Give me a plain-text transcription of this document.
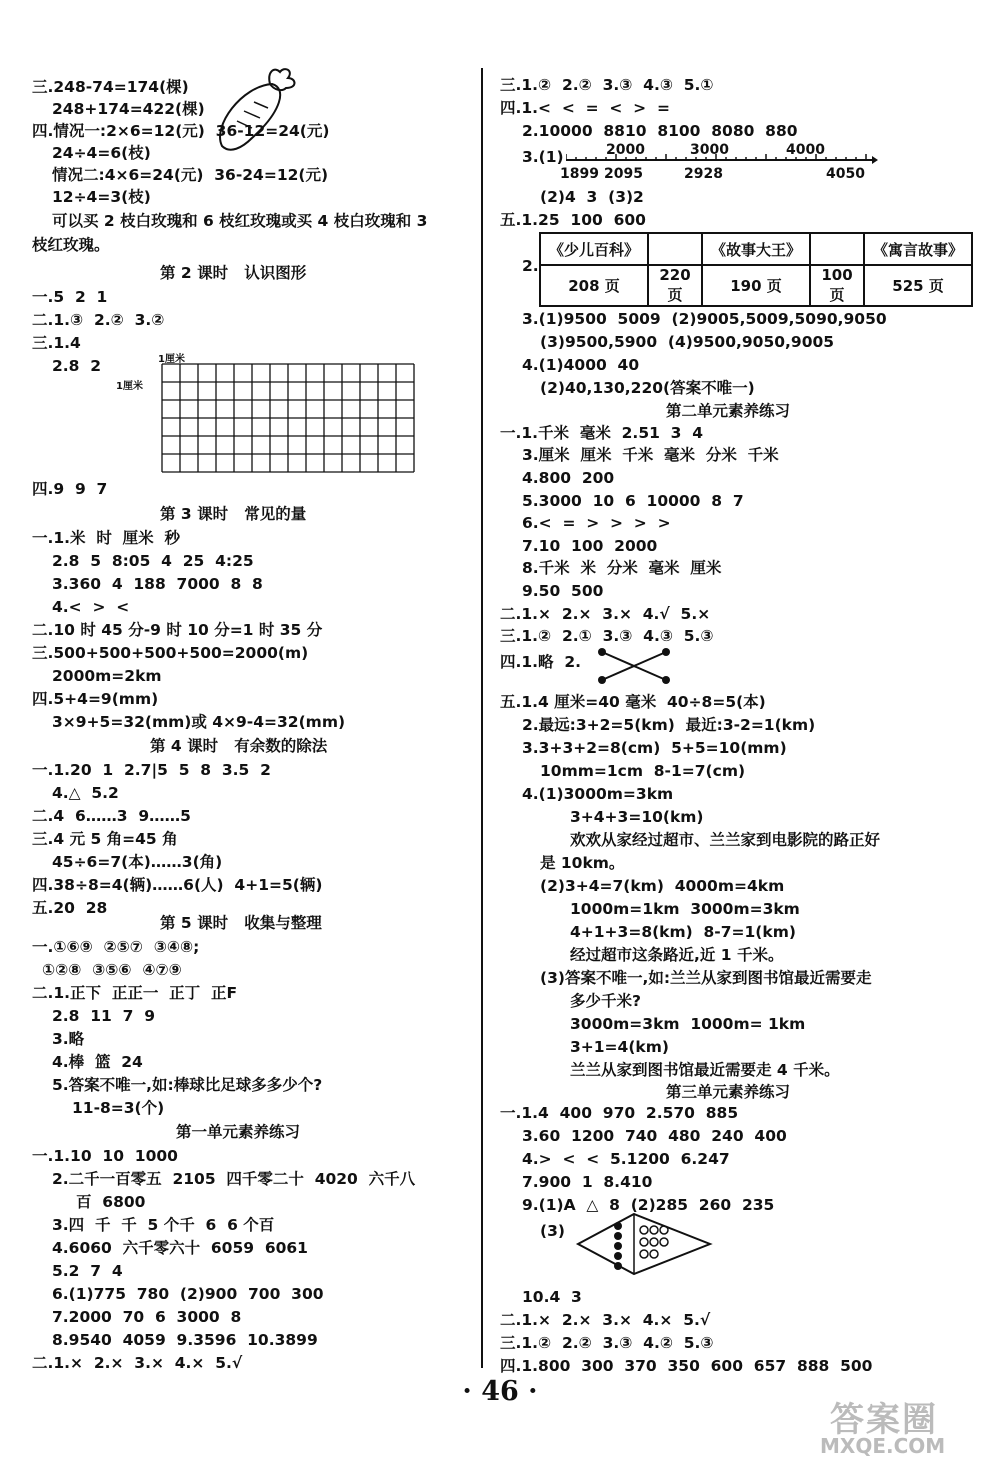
三.248-74=174(棵)
248+174=422(棵)
四.情况一:2×6=12(元)  36-12=24(元)
24÷4=6(枝)
情况二:4×6=24(元)  36-24=12(元)
12÷4=3(枝)
可以买 2 枝白玫瑰和 6 枝红玫瑰或买 4 枝白玫瑰和 3
枝红玫瑰。
第 2 课时   认识图形
一.5  2  1
二.1.③  2.②  3.②
三.1.4
2.8  2	1厘米
1厘米
四.9  9  7
第 3 课时   常见的量
一.1.米  时  厘米  秒
2.8  5  8:05  4  25  4:25
3.360  4  188  7000  8  8
4.<  >  <
二.10 时 45 分-9 时 10 分=1 时 35 分
三.500+500+500+500=2000(m)
2000m=2km
四.5+4=9(mm)
3×9+5=32(mm)或 4×9-4=32(mm)
第 4 课时   有余数的除法
一.1.20  1  2.7|5  5  8  3.5  2
4.△  5.2
二.4  6……3  9……5
三.4 元 5 角=45 角
45÷6=7(本)……3(角)
四.38÷8=4(辆)……6(人)  4+1=5(辆)
五.20  28
第 5 课时   收集与整理
一.①⑥⑨  ②⑤⑦  ③④⑧;
①②⑧  ③⑤⑥  ④⑦⑨
二.1.正下  正正一  正丁  正F
2.8  11  7  9
3.略
4.棒  篮  24
5.答案不唯一,如:棒球比足球多多少个?
11-8=3(个)
第一单元素养练习
一.1.10  10  1000
2.二千一百零五  2105  四千零二十  4020  六千八
百  6800
3.四  千  千  5 个千  6  6 个百
4.6060  六千零六十  6059  6061
5.2  7  4
6.(1)775  780  (2)900  700  300
7.2000  70  6  3000  8
8.9540  4059  9.3596  10.3899
二.1.×  2.×  3.×  4.×  5.√
三.1.②  2.②  3.③  4.③  5.①
四.1.<  <  =  <  >  =
2.10000  8810  8100  8080  880
3.(1)	2000	3000	4000
1899 2095	2928	4050
(2)4  3  (3)2
五.1.25  100  600
2.
《少儿百科》		《故事大王》		《寓言故事》
208 页	220 页	190 页	100 页	525 页
3.(1)9500  5009  (2)9005,5009,5090,9050
(3)9500,5900  (4)9500,9050,9005
4.(1)4000  40
(2)40,130,220(答案不唯一)
第二单元素养练习
一.1.千米  毫米  2.51  3  4
3.厘米  厘米  千米  毫米  分米  千米
4.800  200
5.3000  10  6  10000  8  7
6.<  =  >  >  >  >
7.10  100  2000
8.千米  米  分米  毫米  厘米
9.50  500
二.1.×  2.×  3.×  4.√  5.×
三.1.②  2.①  3.③  4.③  5.③
四.1.略  2.
五.1.4 厘米=40 毫米  40÷8=5(本)
2.最远:3+2=5(km)  最近:3-2=1(km)
3.3+3+2=8(cm)  5+5=10(mm)
10mm=1cm  8-1=7(cm)
4.(1)3000m=3km
3+4+3=10(km)
欢欢从家经过超市、兰兰家到电影院的路正好
是 10km。
(2)3+4=7(km)  4000m=4km
1000m=1km  3000m=3km
4+1+3=8(km)  8-7=1(km)
经过超市这条路近,近 1 千米。
(3)答案不唯一,如:兰兰从家到图书馆最近需要走
多少千米?
3000m=3km  1000m= 1km
3+1=4(km)
兰兰从家到图书馆最近需要走 4 千米。
第三单元素养练习
一.1.4  400  970  2.570  885
3.60  1200  740  480  240  400
4.>  <  <  5.1200  6.247
7.900  1  8.410
9.(1)A  △  8  (2)285  260  235
(3)
10.4  3
二.1.×  2.×  3.×  4.×  5.√
三.1.②  2.②  3.③  4.②  5.③
四.1.800  300  370  350  600  657  888  500
· 46 ·
答案圈
MXQE.COM
